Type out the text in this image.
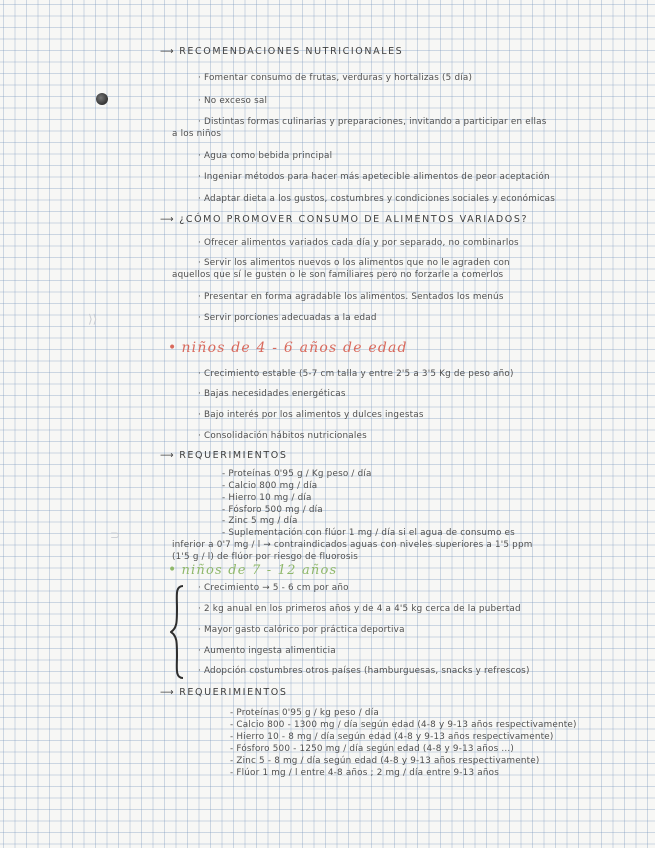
⟩⟩
⊃
⟶ RECOMENDACIONES NUTRICIONALES
· Fomentar consumo de frutas, verduras y hortalizas (5 día)
· No exceso sal
· Distintas formas culinarias y preparaciones, invitando a participar en ellas
a los niños
· Agua como bebida principal
· Ingeniar métodos para hacer más apetecible alimentos de peor aceptación
· Adaptar dieta a los gustos, costumbres y condiciones sociales y económicas
⟶ ¿CÓMO PROMOVER CONSUMO DE ALIMENTOS VARIADOS?
· Ofrecer alimentos variados cada día y por separado, no combinarlos
· Servir los alimentos nuevos o los alimentos que no le agraden con
aquellos que sí le gusten o le son familiares pero no forzarle a comerlos
· Presentar en forma agradable los alimentos. Sentados los menús
· Servir porciones adecuadas a la edad
• niños de 4 - 6 años de edad
· Crecimiento estable (5-7 cm talla y entre 2'5 a 3'5 Kg de peso año)
· Bajas necesidades energéticas
· Bajo interés por los alimentos y dulces ingestas
· Consolidación hábitos nutricionales
⟶ REQUERIMIENTOS
- Proteínas 0'95 g / Kg peso / día
- Calcio 800 mg / día
- Hierro 10 mg / día
- Fósforo 500 mg / día
- Zinc 5 mg / día
- Suplementación con flúor 1 mg / día si el agua de consumo es
inferior a 0'7 mg / l → contraindicados aguas con niveles superiores a 1'5 ppm
(1'5 g / l) de flúor por riesgo de fluorosis
• niños de 7 - 12 años
· Crecimiento → 5 - 6 cm por año
· 2 kg anual en los primeros años y de 4 a 4'5 kg cerca de la pubertad
· Mayor gasto calórico por práctica deportiva
· Aumento ingesta alimenticia
· Adopción costumbres otros países (hamburguesas, snacks y refrescos)
⟶ REQUERIMIENTOS
- Proteínas 0'95 g / kg peso / día
- Calcio 800 - 1300 mg / día según edad (4-8 y 9-13 años respectivamente)
- Hierro 10 - 8 mg / día según edad (4-8 y 9-13 años respectivamente)
- Fósforo 500 - 1250 mg / día según edad (4-8 y 9-13 años ...)
- Zinc 5 - 8 mg / día según edad (4-8 y 9-13 años respectivamente)
- Flúor 1 mg / l entre 4-8 años ; 2 mg / día entre 9-13 años
